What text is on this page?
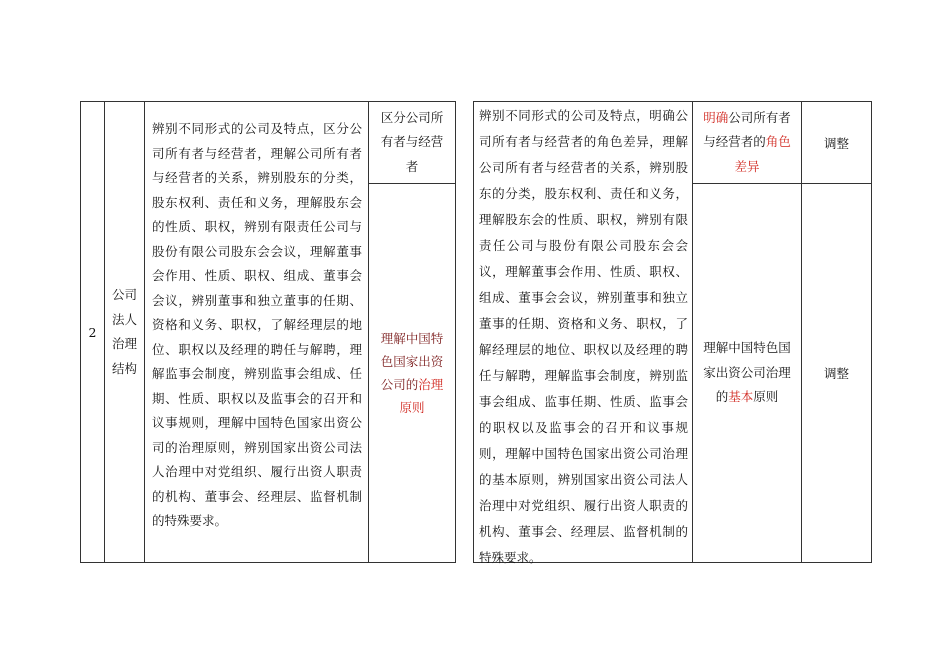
2
公司法人治理结构
辨别不同形式的公司及特点，区分公司所有者与经营者，理解公司所有者与经营者的关系，辨别股东的分类，股东权利、责任和义务，理解股东会的性质、职权，辨别有限责任公司与股份有限公司股东会会议，理解董事会作用、性质、职权、组成、董事会会议，辨别董事和独立董事的任期、资格和义务、职权，了解经理层的地位、职权以及经理的聘任与解聘，理解监事会制度，辨别监事会组成、任期、性质、职权以及监事会的召开和议事规则，理解中国特色国家出资公司的治理原则，辨别国家出资公司法人治理中对党组织、履行出资人职责的机构、董事会、经理层、监督机制的特殊要求。
区分公司所有者与经营者
理解中国特色国家出资公司的治理原则
辨别不同形式的公司及特点，明确公司所有者与经营者的角色差异，理解公司所有者与经营者的关系，辨别股东的分类，股东权利、责任和义务，理解股东会的性质、职权，辨别有限责任公司与股份有限公司股东会会议，理解董事会作用、性质、职权、组成、董事会会议，辨别董事和独立董事的任期、资格和义务、职权，了解经理层的地位、职权以及经理的聘任与解聘，理解监事会制度，辨别监事会组成、监事任期、性质、监事会的职权以及监事会的召开和议事规则，理解中国特色国家出资公司治理的基本原则，辨别国家出资公司法人治理中对党组织、履行出资人职责的机构、董事会、经理层、监督机制的特殊要求。
明确公司所有者与经营者的角色差异
调整
理解中国特色国家出资公司治理的基本原则
调整
